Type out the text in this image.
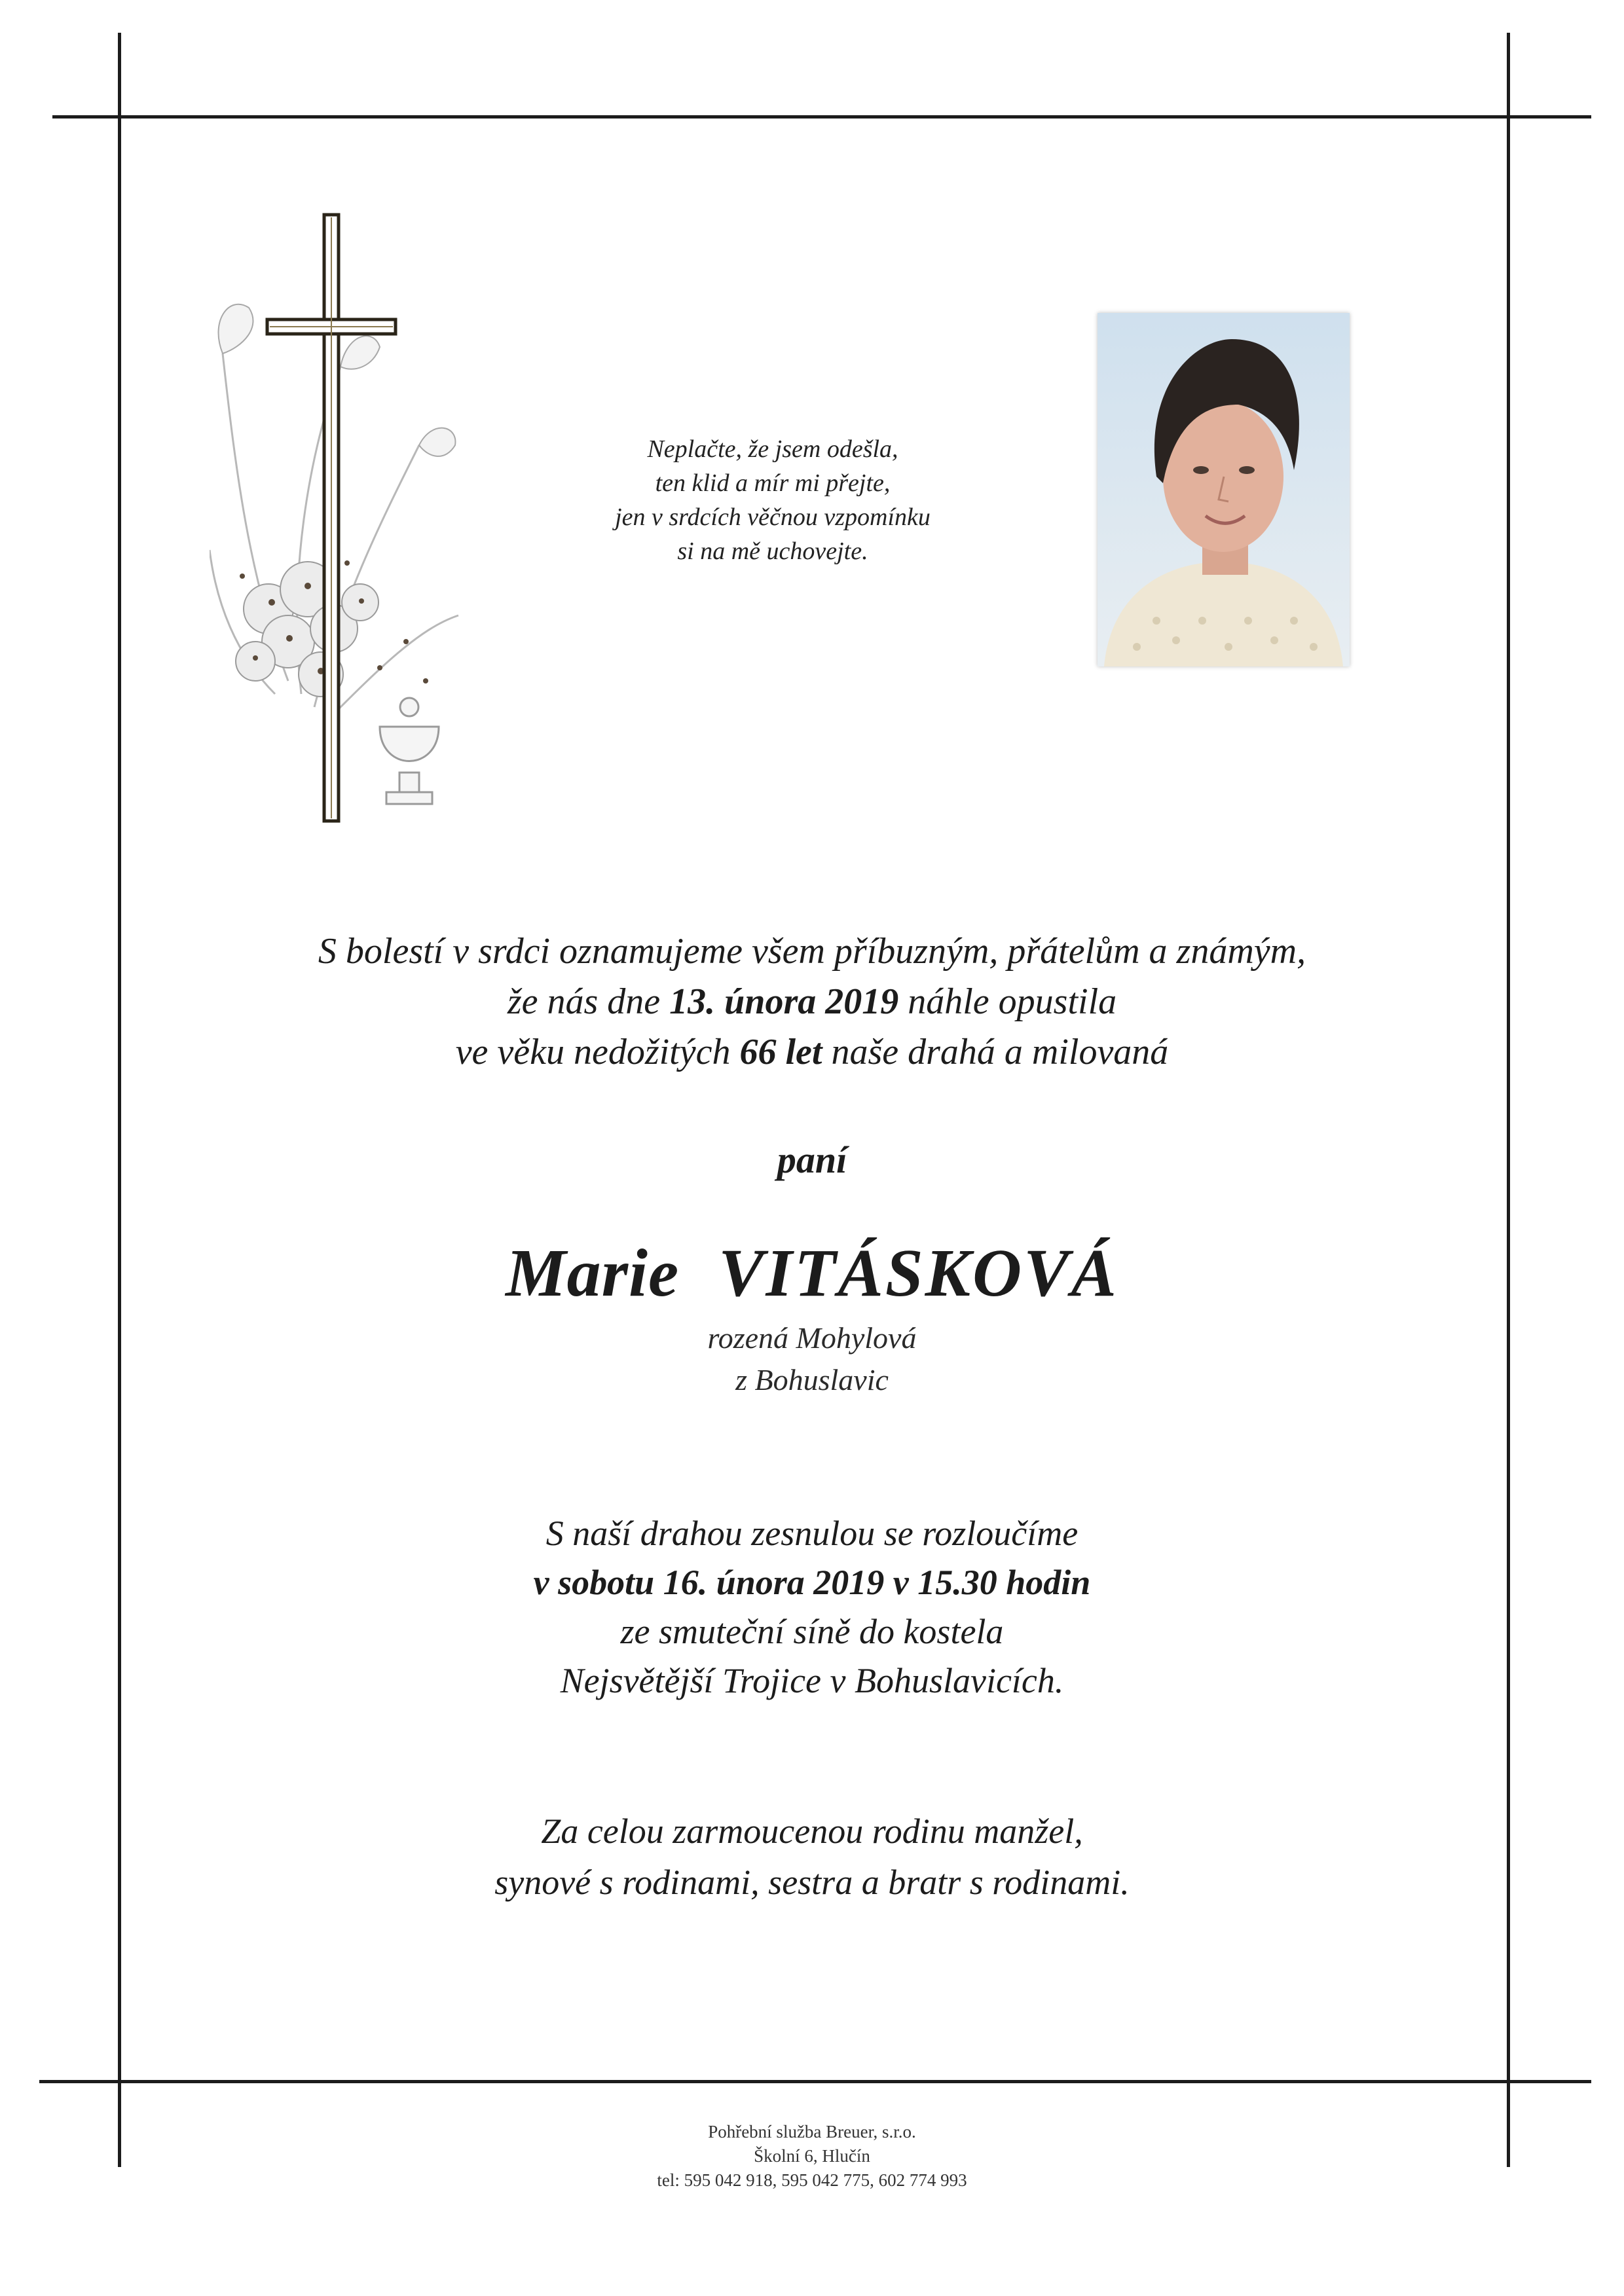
Neplačte, že jsem odešla,
ten klid a mír mi přejte,
jen v srdcích věčnou vzpomínku
si na mě uchovejte.
S bolestí v srdci oznamujeme všem příbuzným, přátelům a známým,
že nás dne 13. února 2019 náhle opustila
ve věku nedožitých 66 let naše drahá a milovaná
paní
Marie VITÁSKOVÁ
rozená Mohylová
z Bohuslavic
S naší drahou zesnulou se rozloučíme
v sobotu 16. února 2019 v 15.30 hodin
ze smuteční síně do kostela
Nejsvětější Trojice v Bohuslavicích.
Za celou zarmoucenou rodinu manžel,
synové s rodinami, sestra a bratr s rodinami.
Pohřební služba Breuer, s.r.o.
Školní 6, Hlučín
tel: 595 042 918, 595 042 775, 602 774 993
